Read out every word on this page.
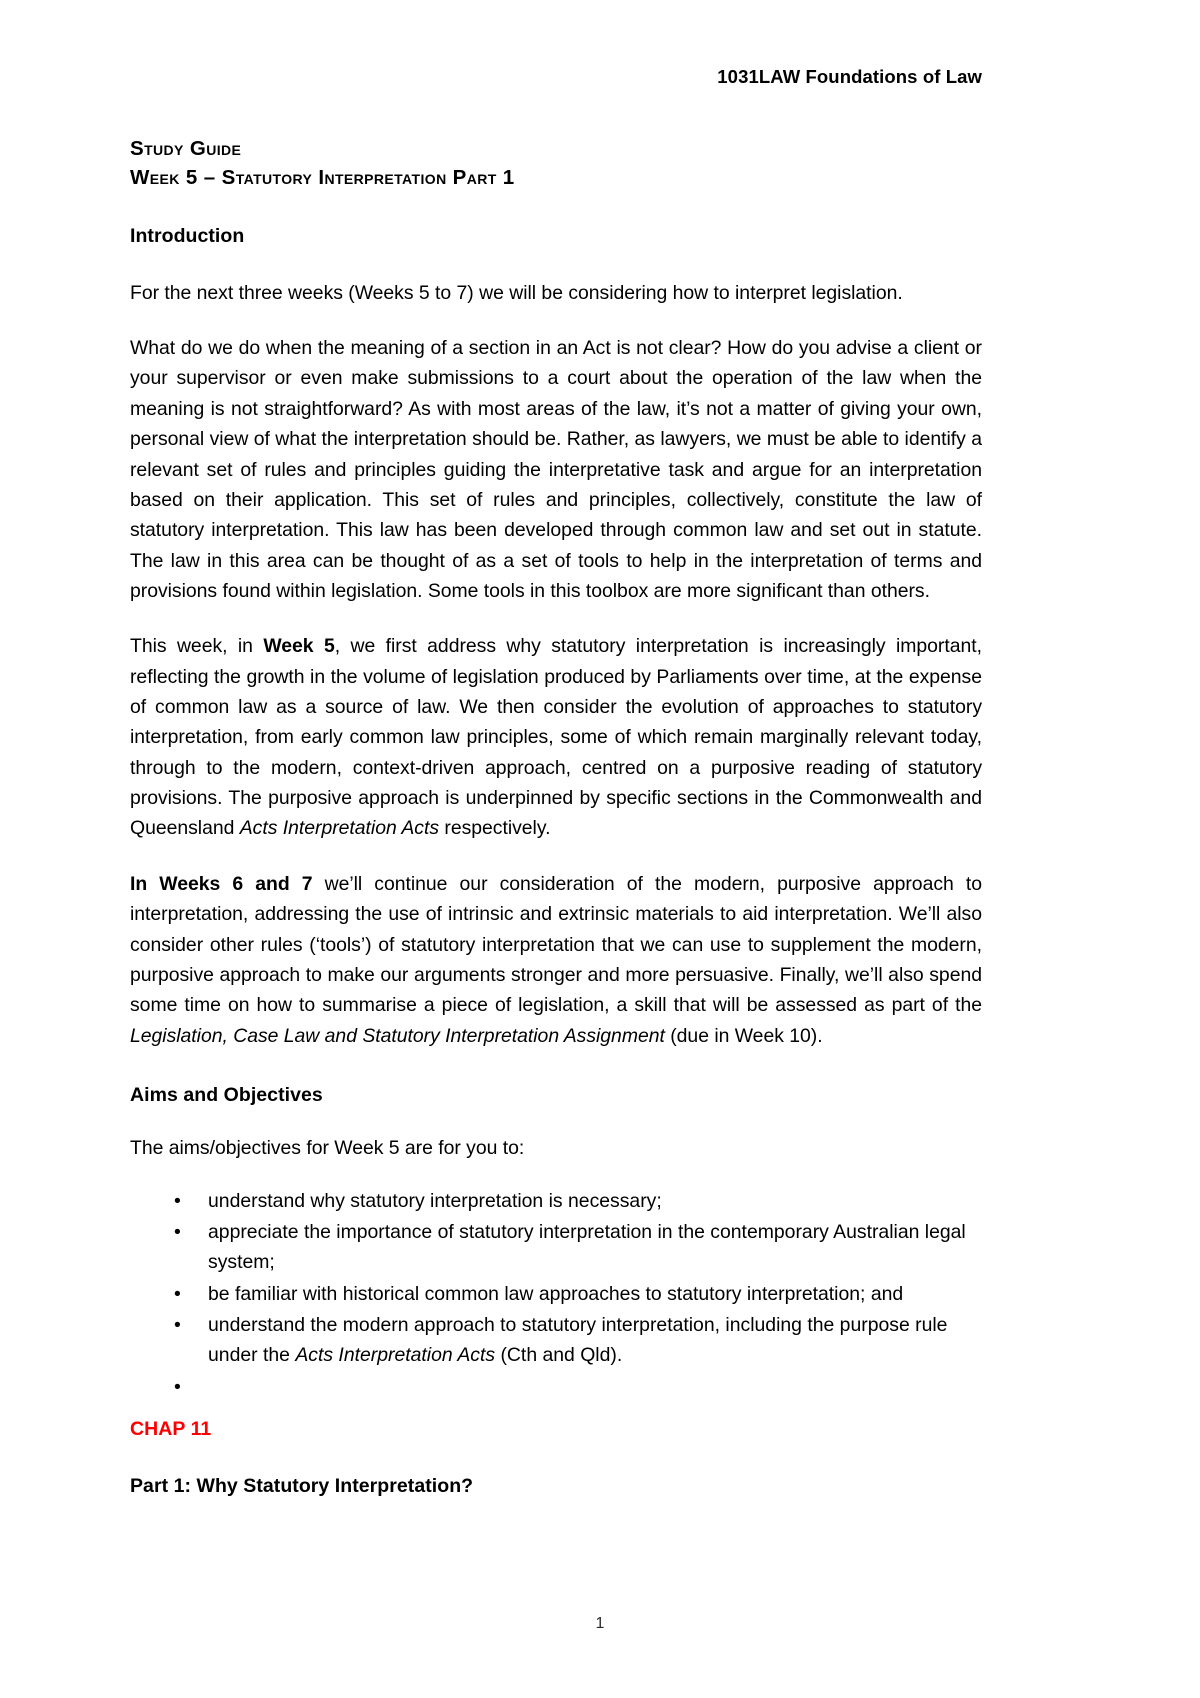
1031LAW Foundations of Law
Study Guide
Week 5 – Statutory Interpretation Part 1
Introduction

For the next three weeks (Weeks 5 to 7) we will be considering how to interpret legislation.

What do we do when the meaning of a section in an Act is not clear? How do you advise a client or your supervisor or even make submissions to a court about the operation of the law when the meaning is not straightforward? As with most areas of the law, it’s not a matter of giving your own, personal view of what the interpretation should be. Rather, as lawyers, we must be able to identify a relevant set of rules and principles guiding the interpretative task and argue for an interpretation based on their application. This set of rules and principles, collectively, constitute the law of statutory interpretation. This law has been developed through common law and set out in statute. The law in this area can be thought of as a set of tools to help in the interpretation of terms and provisions found within legislation. Some tools in this toolbox are more significant than others.

This week, in Week 5, we first address why statutory interpretation is increasingly important, reflecting the growth in the volume of legislation produced by Parliaments over time, at the expense of common law as a source of law. We then consider the evolution of approaches to statutory interpretation, from early common law principles, some of which remain marginally relevant today, through to the modern, context-driven approach, centred on a purposive reading of statutory provisions. The purposive approach is underpinned by specific sections in the Commonwealth and Queensland Acts Interpretation Acts respectively.

In Weeks 6 and 7 we’ll continue our consideration of the modern, purposive approach to interpretation, addressing the use of intrinsic and extrinsic materials to aid interpretation. We’ll also consider other rules (‘tools’) of statutory interpretation that we can use to supplement the modern, purposive approach to make our arguments stronger and more persuasive. Finally, we’ll also spend some time on how to summarise a piece of legislation, a skill that will be assessed as part of the Legislation, Case Law and Statutory Interpretation Assignment (due in Week 10).

Aims and Objectives

The aims/objectives for Week 5 are for you to:

• understand why statutory interpretation is necessary;
• appreciate the importance of statutory interpretation in the contemporary Australian legal system;
• be familiar with historical common law approaches to statutory interpretation; and
• understand the modern approach to statutory interpretation, including the purpose rule under the Acts Interpretation Acts (Cth and Qld).
•
CHAP 11
Part 1: Why Statutory Interpretation?
1
